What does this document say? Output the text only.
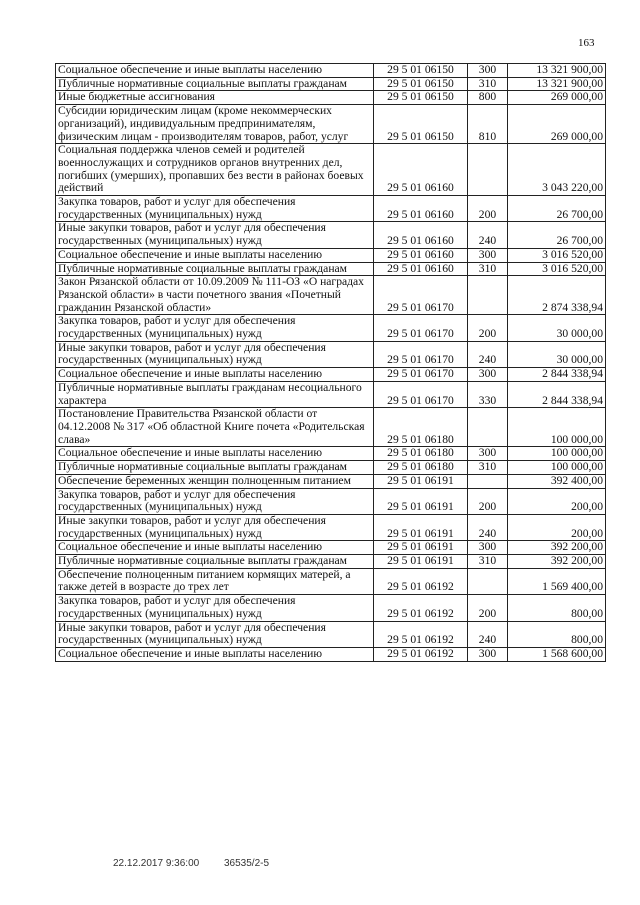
163
Социальное обеспечение и иные выплаты населению	29 5 01 06150	300	13 321 900,00
Публичные нормативные социальные выплаты гражданам	29 5 01 06150	310	13 321 900,00
Иные бюджетные ассигнования	29 5 01 06150	800	269 000,00
Субсидии юридическим лицам (кроме некоммерческих организаций), индивидуальным предпринимателям, физическим лицам - производителям товаров, работ, услуг	29 5 01 06150	810	269 000,00
Социальная поддержка членов семей и родителей военнослужащих и сотрудников органов внутренних дел, погибших (умерших), пропавших без вести в районах боевых действий	29 5 01 06160		3 043 220,00
Закупка товаров, работ и услуг для обеспечения государственных (муниципальных) нужд	29 5 01 06160	200	26 700,00
Иные закупки товаров, работ и услуг для обеспечения государственных (муниципальных) нужд	29 5 01 06160	240	26 700,00
Социальное обеспечение и иные выплаты населению	29 5 01 06160	300	3 016 520,00
Публичные нормативные социальные выплаты гражданам	29 5 01 06160	310	3 016 520,00
Закон Рязанской области от 10.09.2009 № 111-ОЗ «О наградах Рязанской области» в части почетного звания «Почетный гражданин Рязанской области»	29 5 01 06170		2 874 338,94
Закупка товаров, работ и услуг для обеспечения государственных (муниципальных) нужд	29 5 01 06170	200	30 000,00
Иные закупки товаров, работ и услуг для обеспечения государственных (муниципальных) нужд	29 5 01 06170	240	30 000,00
Социальное обеспечение и иные выплаты населению	29 5 01 06170	300	2 844 338,94
Публичные нормативные выплаты гражданам несоциального характера	29 5 01 06170	330	2 844 338,94
Постановление Правительства Рязанской области от 04.12.2008 № 317 «Об областной Книге почета «Родительская слава»	29 5 01 06180		100 000,00
Социальное обеспечение и иные выплаты населению	29 5 01 06180	300	100 000,00
Публичные нормативные социальные выплаты гражданам	29 5 01 06180	310	100 000,00
Обеспечение беременных женщин полноценным питанием	29 5 01 06191		392 400,00
Закупка товаров, работ и услуг для обеспечения государственных (муниципальных) нужд	29 5 01 06191	200	200,00
Иные закупки товаров, работ и услуг для обеспечения государственных (муниципальных) нужд	29 5 01 06191	240	200,00
Социальное обеспечение и иные выплаты населению	29 5 01 06191	300	392 200,00
Публичные нормативные социальные выплаты гражданам	29 5 01 06191	310	392 200,00
Обеспечение полноценным питанием кормящих матерей, а также детей в возрасте до трех лет	29 5 01 06192		1 569 400,00
Закупка товаров, работ и услуг для обеспечения государственных (муниципальных) нужд	29 5 01 06192	200	800,00
Иные закупки товаров, работ и услуг для обеспечения государственных (муниципальных) нужд	29 5 01 06192	240	800,00
Социальное обеспечение и иные выплаты населению	29 5 01 06192	300	1 568 600,00
22.12.2017 9:36:00 36535/2-5
